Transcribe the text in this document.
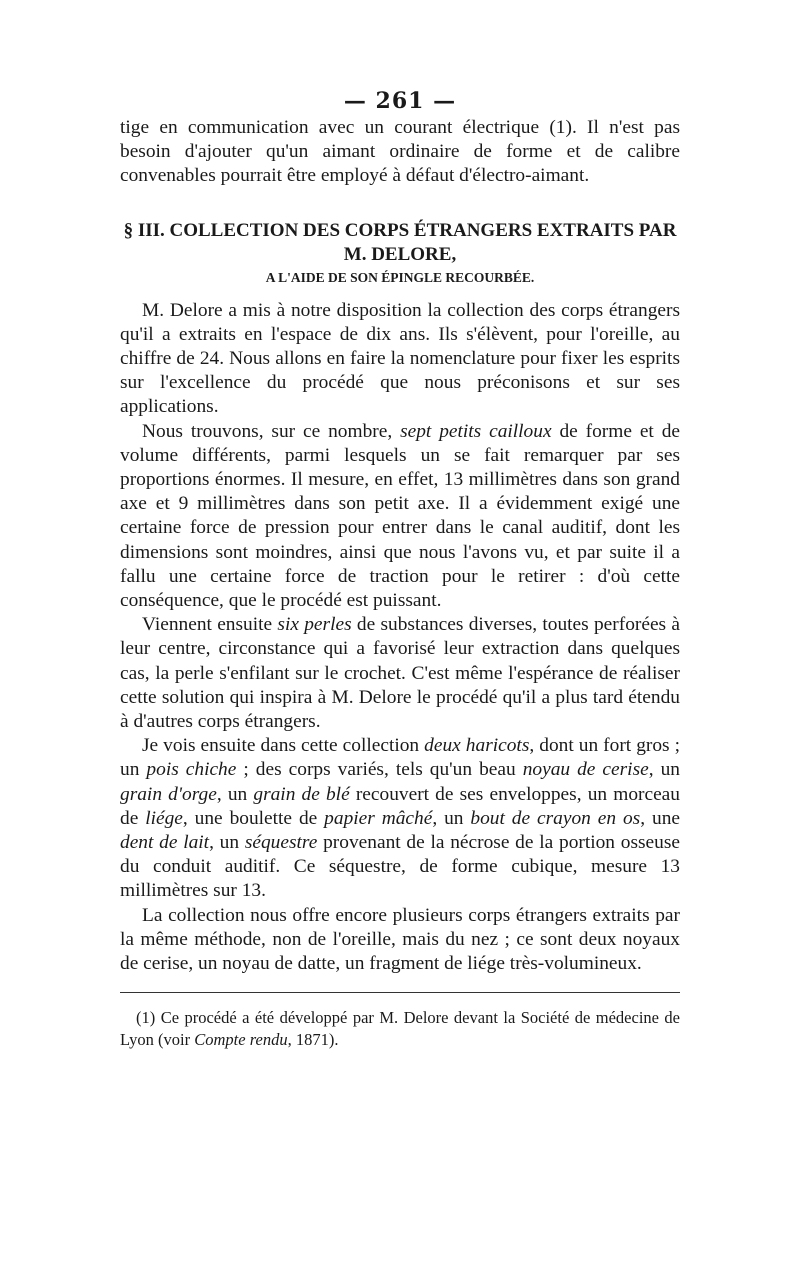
— 261 —

tige en communication avec un courant électrique (1). Il n'est pas besoin d'ajouter qu'un aimant ordinaire de forme et de calibre convenables pourrait être employé à défaut d'électro-aimant.

§ III. COLLECTION DES CORPS ÉTRANGERS EXTRAITS PAR M. DELORE,
A L'AIDE DE SON ÉPINGLE RECOURBÉE.

M. Delore a mis à notre disposition la collection des corps étrangers qu'il a extraits en l'espace de dix ans. Ils s'élèvent, pour l'oreille, au chiffre de 24. Nous allons en faire la nomenclature pour fixer les esprits sur l'excellence du procédé que nous préconisons et sur ses applications.

Nous trouvons, sur ce nombre, sept petits cailloux de forme et de volume différents, parmi lesquels un se fait remarquer par ses proportions énormes. Il mesure, en effet, 13 millimètres dans son grand axe et 9 millimètres dans son petit axe. Il a évidemment exigé une certaine force de pression pour entrer dans le canal auditif, dont les dimensions sont moindres, ainsi que nous l'avons vu, et par suite il a fallu une certaine force de traction pour le retirer : d'où cette conséquence, que le procédé est puissant.

Viennent ensuite six perles de substances diverses, toutes perforées à leur centre, circonstance qui a favorisé leur extraction dans quelques cas, la perle s'enfilant sur le crochet. C'est même l'espérance de réaliser cette solution qui inspira à M. Delore le procédé qu'il a plus tard étendu à d'autres corps étrangers.

Je vois ensuite dans cette collection deux haricots, dont un fort gros ; un pois chiche ; des corps variés, tels qu'un beau noyau de cerise, un grain d'orge, un grain de blé recouvert de ses enveloppes, un morceau de liége, une boulette de papier mâché, un bout de crayon en os, une dent de lait, un séquestre provenant de la nécrose de la portion osseuse du conduit auditif. Ce séquestre, de forme cubique, mesure 13 millimètres sur 13.

La collection nous offre encore plusieurs corps étrangers extraits par la même méthode, non de l'oreille, mais du nez ; ce sont deux noyaux de cerise, un noyau de datte, un fragment de liége très-volumineux.

(1) Ce procédé a été développé par M. Delore devant la Société de médecine de Lyon (voir Compte rendu, 1871).
